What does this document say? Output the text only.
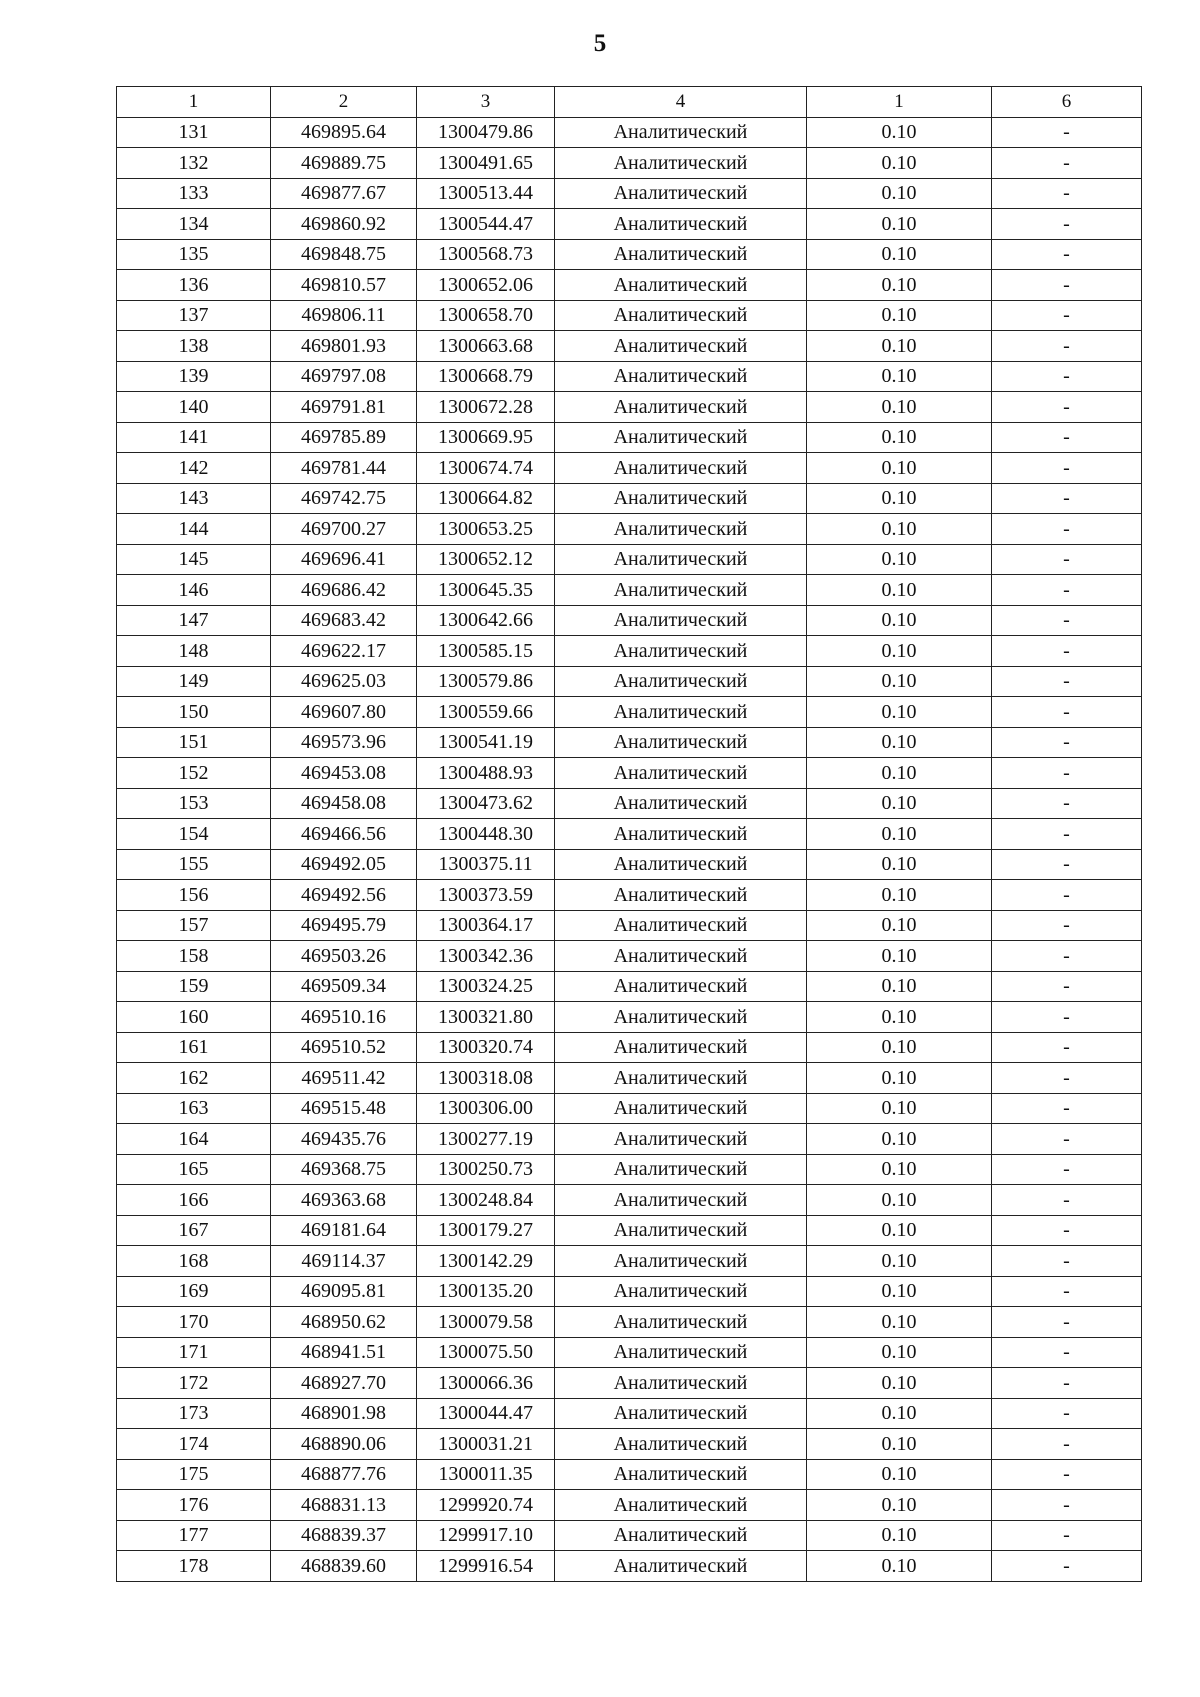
5
1	2	3	4	1	6
131	469895.64	1300479.86	Аналитический	0.10	-
132	469889.75	1300491.65	Аналитический	0.10	-
133	469877.67	1300513.44	Аналитический	0.10	-
134	469860.92	1300544.47	Аналитический	0.10	-
135	469848.75	1300568.73	Аналитический	0.10	-
136	469810.57	1300652.06	Аналитический	0.10	-
137	469806.11	1300658.70	Аналитический	0.10	-
138	469801.93	1300663.68	Аналитический	0.10	-
139	469797.08	1300668.79	Аналитический	0.10	-
140	469791.81	1300672.28	Аналитический	0.10	-
141	469785.89	1300669.95	Аналитический	0.10	-
142	469781.44	1300674.74	Аналитический	0.10	-
143	469742.75	1300664.82	Аналитический	0.10	-
144	469700.27	1300653.25	Аналитический	0.10	-
145	469696.41	1300652.12	Аналитический	0.10	-
146	469686.42	1300645.35	Аналитический	0.10	-
147	469683.42	1300642.66	Аналитический	0.10	-
148	469622.17	1300585.15	Аналитический	0.10	-
149	469625.03	1300579.86	Аналитический	0.10	-
150	469607.80	1300559.66	Аналитический	0.10	-
151	469573.96	1300541.19	Аналитический	0.10	-
152	469453.08	1300488.93	Аналитический	0.10	-
153	469458.08	1300473.62	Аналитический	0.10	-
154	469466.56	1300448.30	Аналитический	0.10	-
155	469492.05	1300375.11	Аналитический	0.10	-
156	469492.56	1300373.59	Аналитический	0.10	-
157	469495.79	1300364.17	Аналитический	0.10	-
158	469503.26	1300342.36	Аналитический	0.10	-
159	469509.34	1300324.25	Аналитический	0.10	-
160	469510.16	1300321.80	Аналитический	0.10	-
161	469510.52	1300320.74	Аналитический	0.10	-
162	469511.42	1300318.08	Аналитический	0.10	-
163	469515.48	1300306.00	Аналитический	0.10	-
164	469435.76	1300277.19	Аналитический	0.10	-
165	469368.75	1300250.73	Аналитический	0.10	-
166	469363.68	1300248.84	Аналитический	0.10	-
167	469181.64	1300179.27	Аналитический	0.10	-
168	469114.37	1300142.29	Аналитический	0.10	-
169	469095.81	1300135.20	Аналитический	0.10	-
170	468950.62	1300079.58	Аналитический	0.10	-
171	468941.51	1300075.50	Аналитический	0.10	-
172	468927.70	1300066.36	Аналитический	0.10	-
173	468901.98	1300044.47	Аналитический	0.10	-
174	468890.06	1300031.21	Аналитический	0.10	-
175	468877.76	1300011.35	Аналитический	0.10	-
176	468831.13	1299920.74	Аналитический	0.10	-
177	468839.37	1299917.10	Аналитический	0.10	-
178	468839.60	1299916.54	Аналитический	0.10	-
